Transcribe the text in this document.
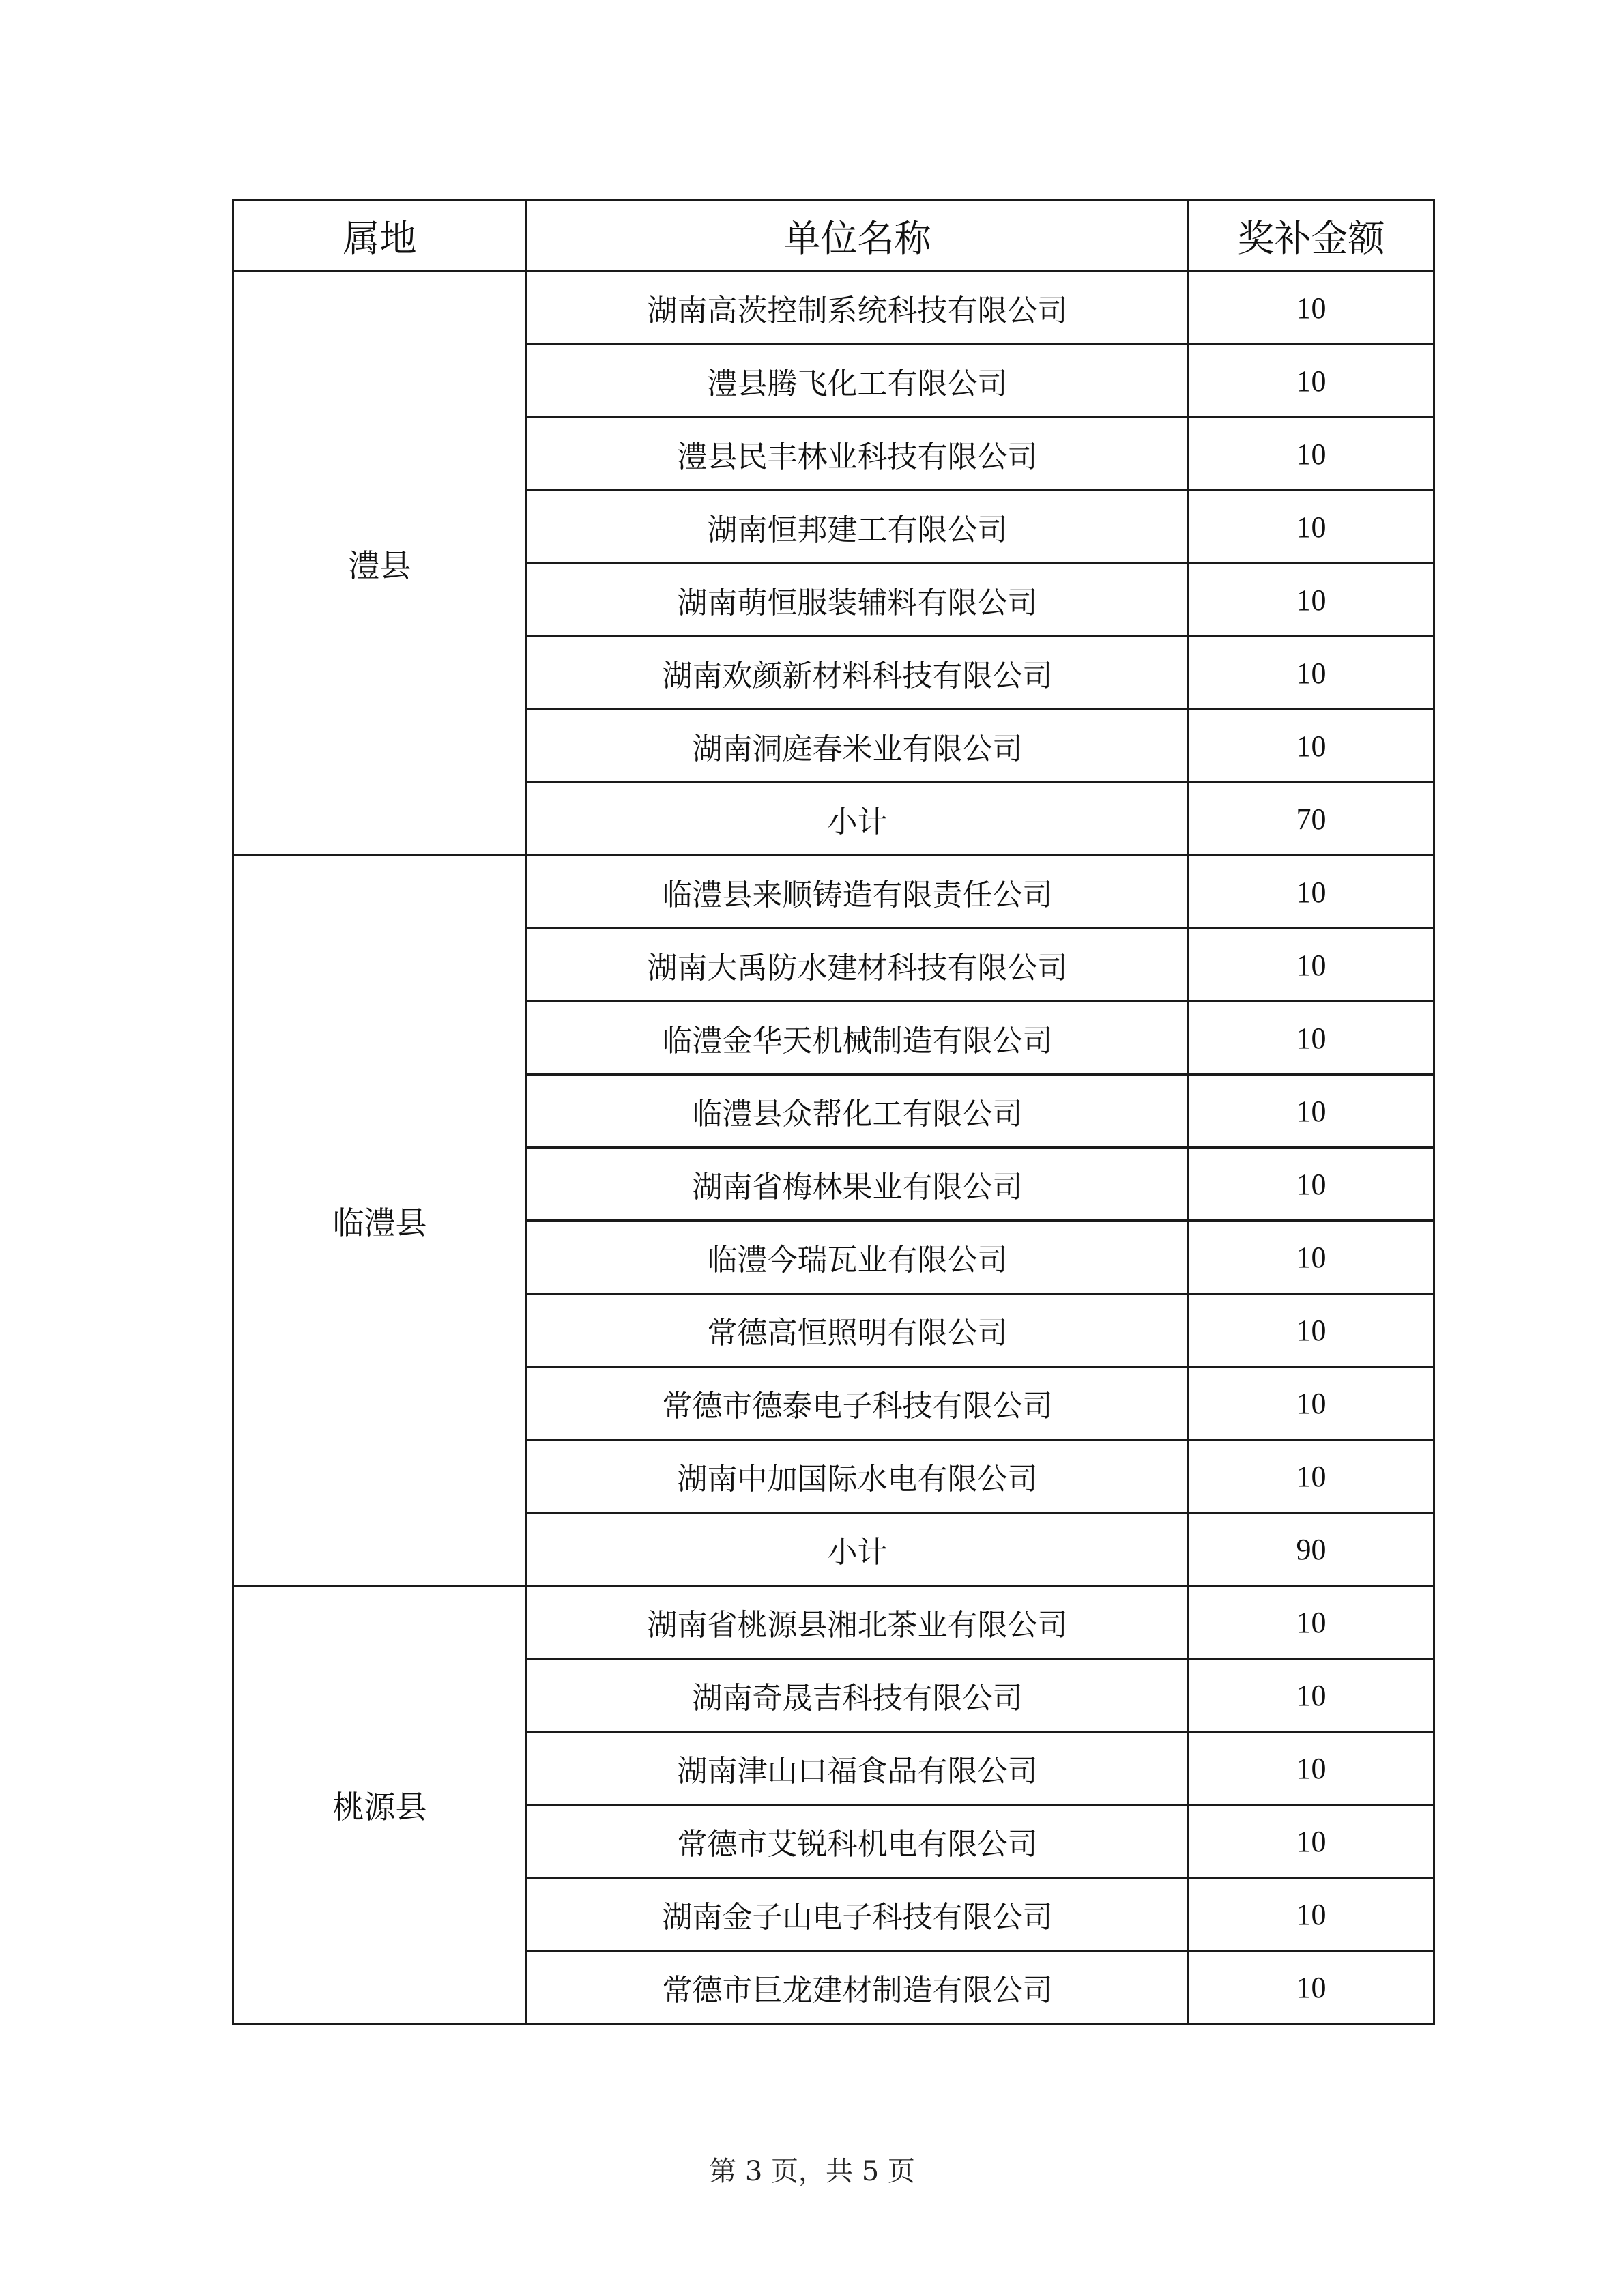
属地	单位名称	奖补金额
澧县	湖南高茨控制系统科技有限公司	10
	澧县腾飞化工有限公司	10
	澧县民丰林业科技有限公司	10
	湖南恒邦建工有限公司	10
	湖南萌恒服装辅料有限公司	10
	湖南欢颜新材料科技有限公司	10
	湖南洞庭春米业有限公司	10
	小计	70
临澧县	临澧县来顺铸造有限责任公司	10
	湖南大禹防水建材科技有限公司	10
	临澧金华天机械制造有限公司	10
	临澧县众帮化工有限公司	10
	湖南省梅林果业有限公司	10
	临澧今瑞瓦业有限公司	10
	常德高恒照明有限公司	10
	常德市德泰电子科技有限公司	10
	湖南中加国际水电有限公司	10
	小计	90
桃源县	湖南省桃源县湘北茶业有限公司	10
	湖南奇晟吉科技有限公司	10
	湖南津山口福食品有限公司	10
	常德市艾锐科机电有限公司	10
	湖南金子山电子科技有限公司	10
	常德市巨龙建材制造有限公司	10
第 3 页，共 5 页
